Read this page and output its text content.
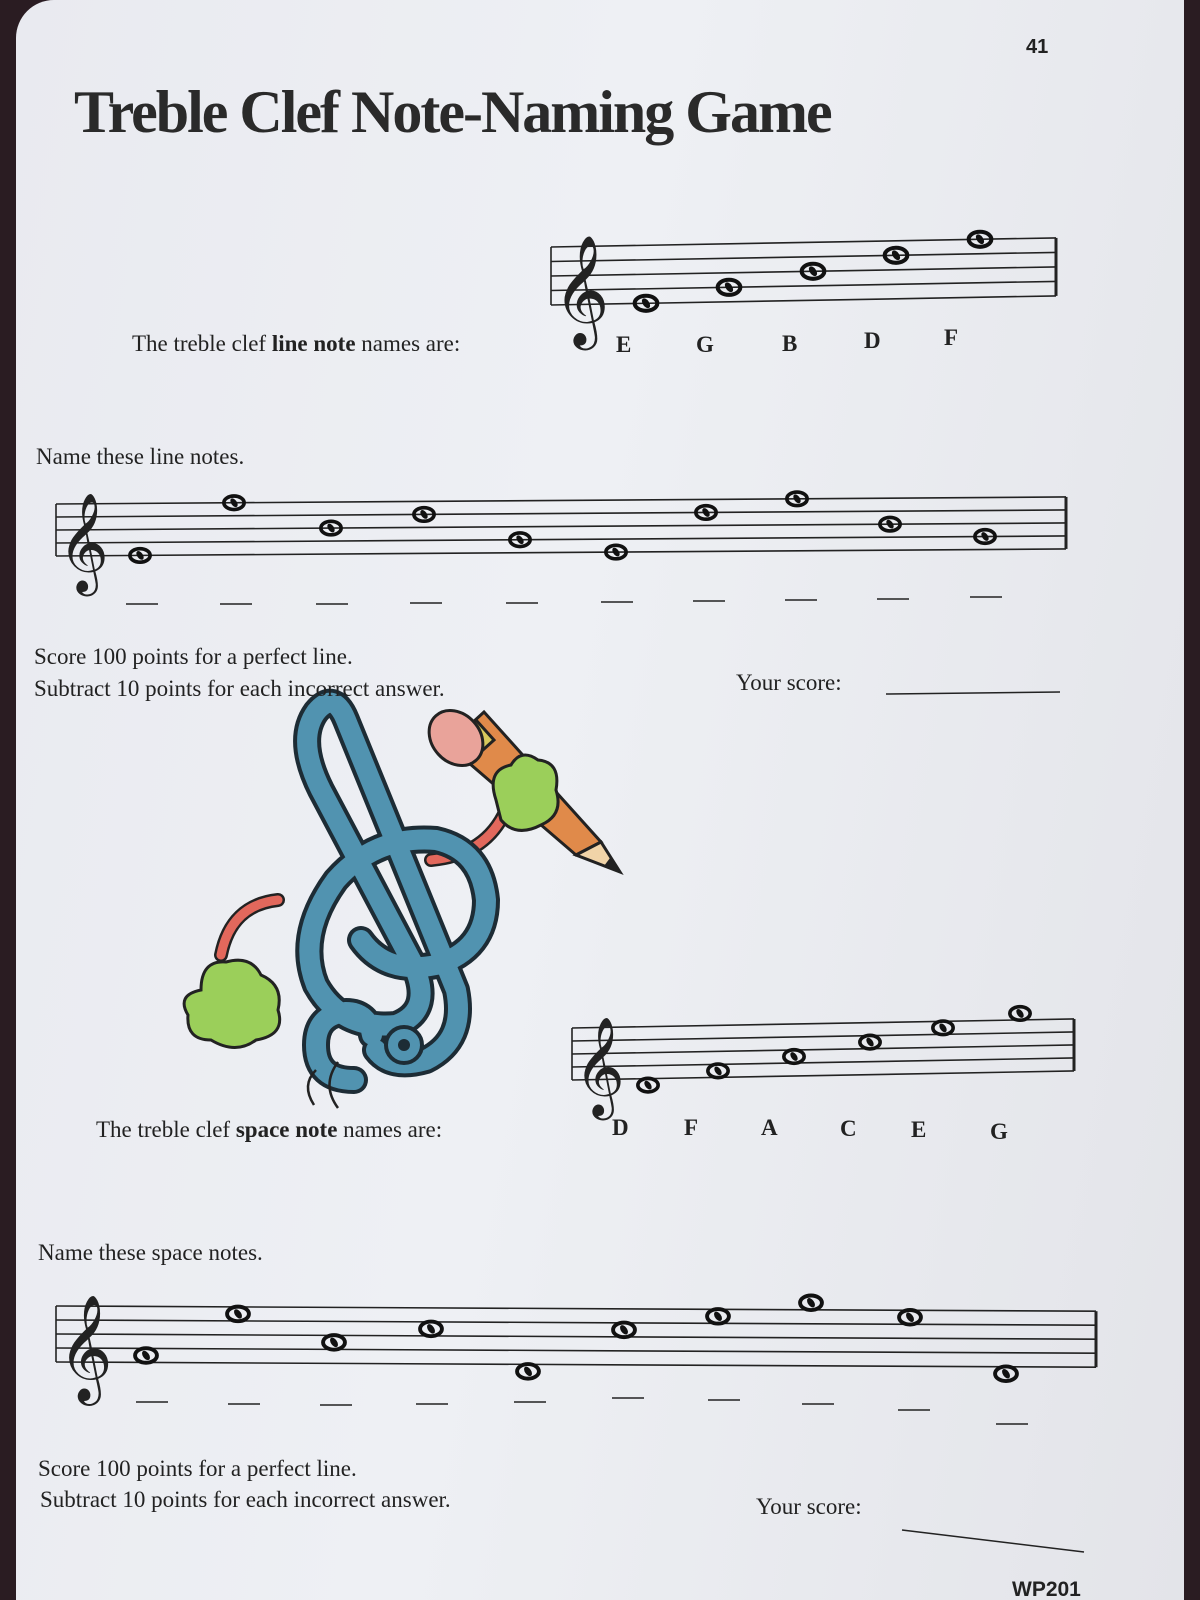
41
Treble Clef Note-Naming Game
𝄞
𝄞
𝄞
𝄞
The treble clef line note names are:	E	G	B	D	F
Name these line notes.
Score 100 points for a perfect line.
Subtract 10 points for each incorrect answer.	Your score:
The treble clef space note names are:	D F	A	C E	G
Name these space notes.
Score 100 points for a perfect line.
Subtract 10 points for each incorrect answer.	Your score:
WP201
